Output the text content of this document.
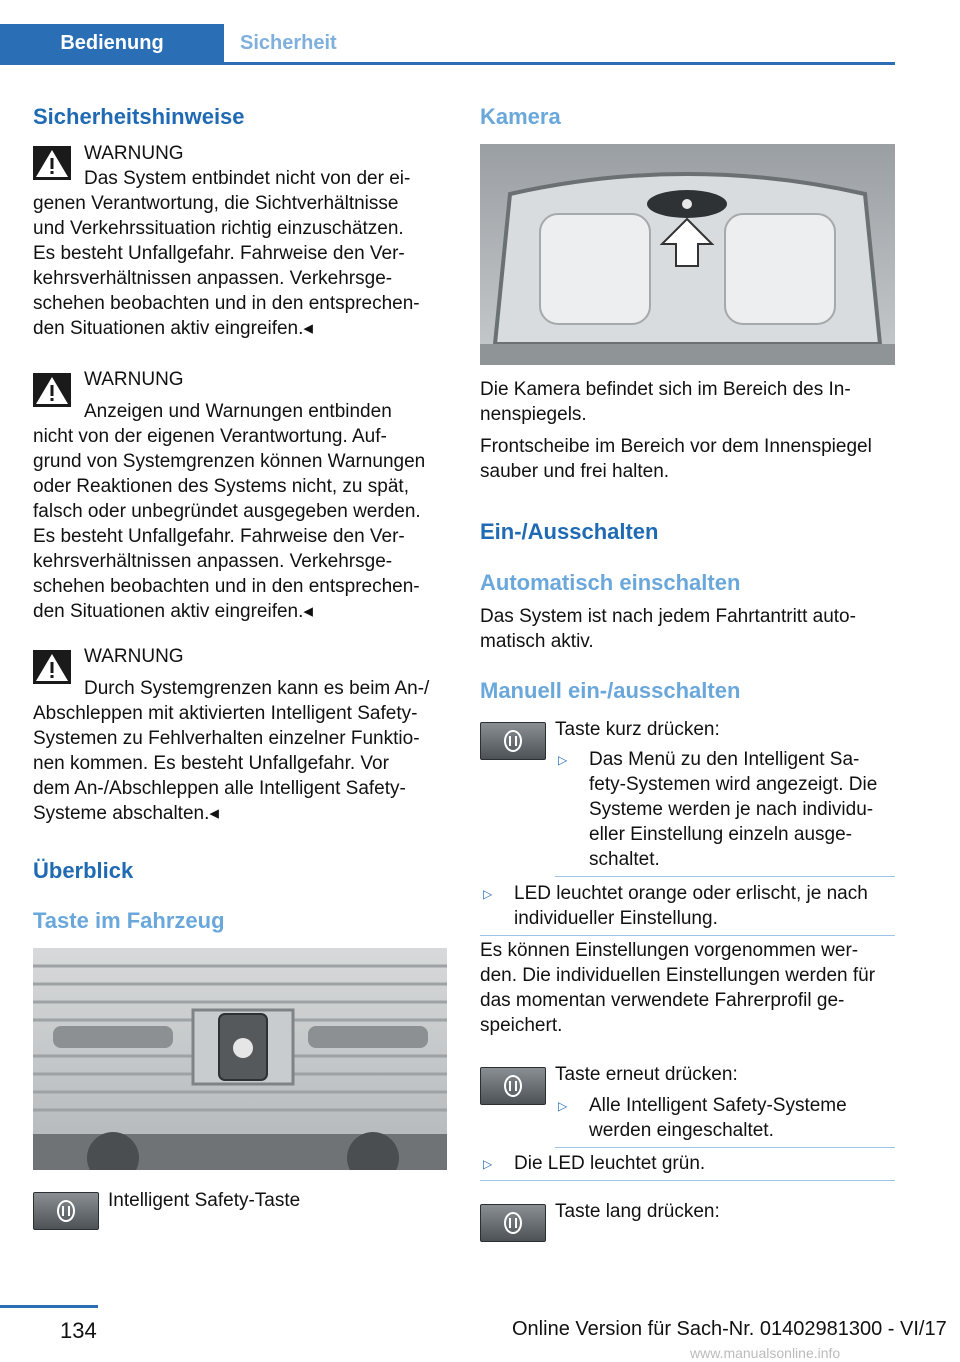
Bedienung	Sicherheit
Sicherheitshinweise
WARNUNG
Das System entbindet nicht von der ei-
genen Verantwortung, die Sichtverhältnisse
und Verkehrssituation richtig einzuschätzen.
Es besteht Unfallgefahr. Fahrweise den Ver-
kehrsverhältnissen anpassen. Verkehrsge-
schehen beobachten und in den entsprechen-
den Situationen aktiv eingreifen.◂
WARNUNG
Anzeigen und Warnungen entbinden
nicht von der eigenen Verantwortung. Auf-
grund von Systemgrenzen können Warnungen
oder Reaktionen des Systems nicht, zu spät,
falsch oder unbegründet ausgegeben werden.
Es besteht Unfallgefahr. Fahrweise den Ver-
kehrsverhältnissen anpassen. Verkehrsge-
schehen beobachten und in den entsprechen-
den Situationen aktiv eingreifen.◂
WARNUNG
Durch Systemgrenzen kann es beim An-/
Abschleppen mit aktivierten Intelligent Safety-
Systemen zu Fehlverhalten einzelner Funktio-
nen kommen. Es besteht Unfallgefahr. Vor
dem An-/Abschleppen alle Intelligent Safety-
Systeme abschalten.◂
Überblick
Taste im Fahrzeug
Intelligent Safety-Taste
Kamera
Die Kamera befindet sich im Bereich des In-
nenspiegels.
Frontscheibe im Bereich vor dem Innenspiegel
sauber und frei halten.
Ein-/Ausschalten
Automatisch einschalten
Das System ist nach jedem Fahrtantritt auto-
matisch aktiv.
Manuell ein-/ausschalten
Taste kurz drücken:
▷ Das Menü zu den Intelligent Sa-
fety-Systemen wird angezeigt. Die
Systeme werden je nach individu-
eller Einstellung einzeln ausge-
schaltet.
▷ LED leuchtet orange oder erlischt, je nach
individueller Einstellung.
Es können Einstellungen vorgenommen wer-
den. Die individuellen Einstellungen werden für
das momentan verwendete Fahrerprofil ge-
speichert.
Taste erneut drücken:
▷ Alle Intelligent Safety-Systeme
werden eingeschaltet.
▷ Die LED leuchtet grün.
Taste lang drücken:
134	Online Version für Sach-Nr. 01402981300 - VI/17
www.manualsonline.info
